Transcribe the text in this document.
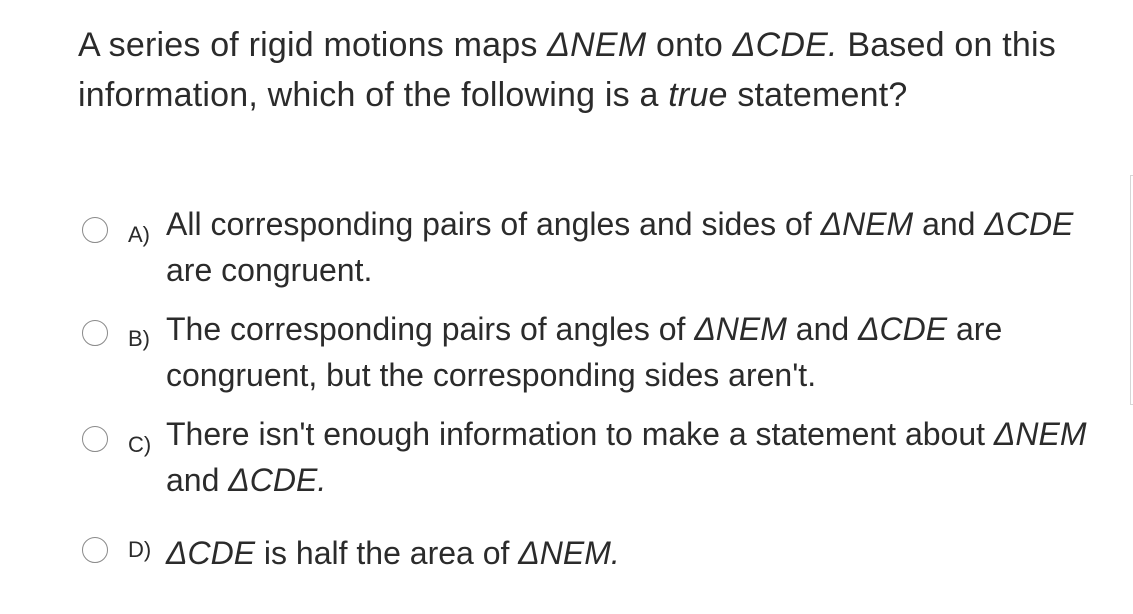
A series of rigid motions maps ΔNEM onto ΔCDE. Based on this information, which of the following is a true statement?
A) All corresponding pairs of angles and sides of ΔNEM and ΔCDE are congruent.
B) The corresponding pairs of angles of ΔNEM and ΔCDE are congruent, but the corresponding sides aren't.
C) There isn't enough information to make a statement about ΔNEM and ΔCDE.
D) ΔCDE is half the area of ΔNEM.
